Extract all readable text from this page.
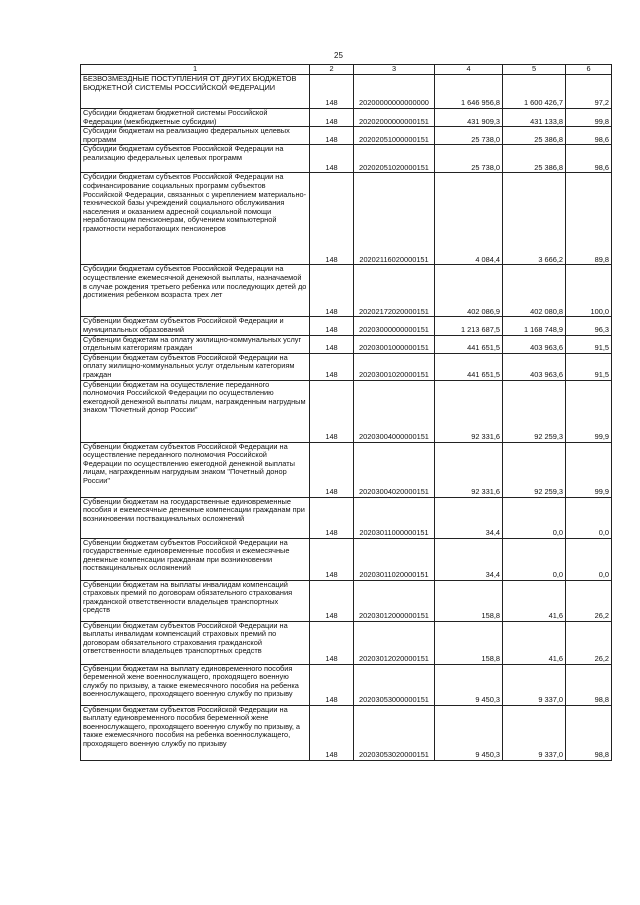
25
1	2	3	4	5	6
БЕЗВОЗМЕЗДНЫЕ ПОСТУПЛЕНИЯ ОТ ДРУГИХ БЮДЖЕТОВ БЮДЖЕТНОЙ СИСТЕМЫ РОССИЙСКОЙ ФЕДЕРАЦИИ	148	20200000000000000	1 646 956,8	1 600 426,7	97,2
Субсидии бюджетам бюджетной системы Российской Федерации (межбюджетные субсидии)	148	20202000000000151	431 909,3	431 133,8	99,8
Субсидии бюджетам на реализацию федеральных целевых программ	148	20202051000000151	25 738,0	25 386,8	98,6
Субсидии бюджетам субъектов Российской Федерации на реализацию федеральных целевых программ	148	20202051020000151	25 738,0	25 386,8	98,6
Субсидии бюджетам субъектов Российской Федерации на софинансирование социальных программ субъектов Российской Федерации, связанных с укреплением материально-технической базы учреждений социального обслуживания населения и оказанием адресной социальной помощи неработающим пенсионерам, обучением компьютерной грамотности неработающих пенсионеров	148	20202116020000151	4 084,4	3 666,2	89,8
Субсидии бюджетам субъектов Российской Федерации на осуществление ежемесячной денежной выплаты, назначаемой в случае рождения третьего ребенка или последующих детей до достижения ребенком возраста трех лет	148	20202172020000151	402 086,9	402 080,8	100,0
Субвенции бюджетам субъектов Российской Федерации и муниципальных образований	148	20203000000000151	1 213 687,5	1 168 748,9	96,3
Субвенции бюджетам на оплату жилищно-коммунальных услуг отдельным категориям граждан	148	20203001000000151	441 651,5	403 963,6	91,5
Субвенции бюджетам субъектов Российской Федерации на оплату жилищно-коммунальных услуг отдельным категориям граждан	148	20203001020000151	441 651,5	403 963,6	91,5
Субвенции бюджетам на осуществление переданного полномочия Российской Федерации по осуществлению ежегодной денежной выплаты лицам, награжденным нагрудным знаком "Почетный донор России"	148	20203004000000151	92 331,6	92 259,3	99,9
Субвенции бюджетам субъектов Российской Федерации на осуществление переданного полномочия Российской Федерации по осуществлению ежегодной денежной выплаты лицам, награжденным нагрудным знаком "Почетный донор России"	148	20203004020000151	92 331,6	92 259,3	99,9
Субвенции бюджетам на государственные единовременные пособия и ежемесячные денежные компенсации гражданам при возникновении поствакцинальных осложнений	148	20203011000000151	34,4	0,0	0,0
Субвенции бюджетам субъектов Российской Федерации на государственные единовременные пособия и ежемесячные денежные компенсации гражданам при возникновении поствакцинальных осложнений	148	20203011020000151	34,4	0,0	0,0
Субвенции бюджетам на выплаты инвалидам компенсаций страховых премий по договорам обязательного страхования гражданской ответственности владельцев транспортных средств	148	20203012000000151	158,8	41,6	26,2
Субвенции бюджетам субъектов Российской Федерации на выплаты инвалидам компенсаций страховых премий по договорам обязательного страхования гражданской ответственности владельцев транспортных средств	148	20203012020000151	158,8	41,6	26,2
Субвенции бюджетам на выплату единовременного пособия беременной жене военнослужащего, проходящего военную службу по призыву, а также ежемесячного пособия на ребенка военнослужащего, проходящего военную службу по призыву	148	20203053000000151	9 450,3	9 337,0	98,8
Субвенции бюджетам субъектов Российской Федерации на выплату единовременного пособия беременной жене военнослужащего, проходящего военную службу по призыву, а также ежемесячного пособия на ребенка военнослужащего, проходящего военную службу по призыву	148	20203053020000151	9 450,3	9 337,0	98,8
